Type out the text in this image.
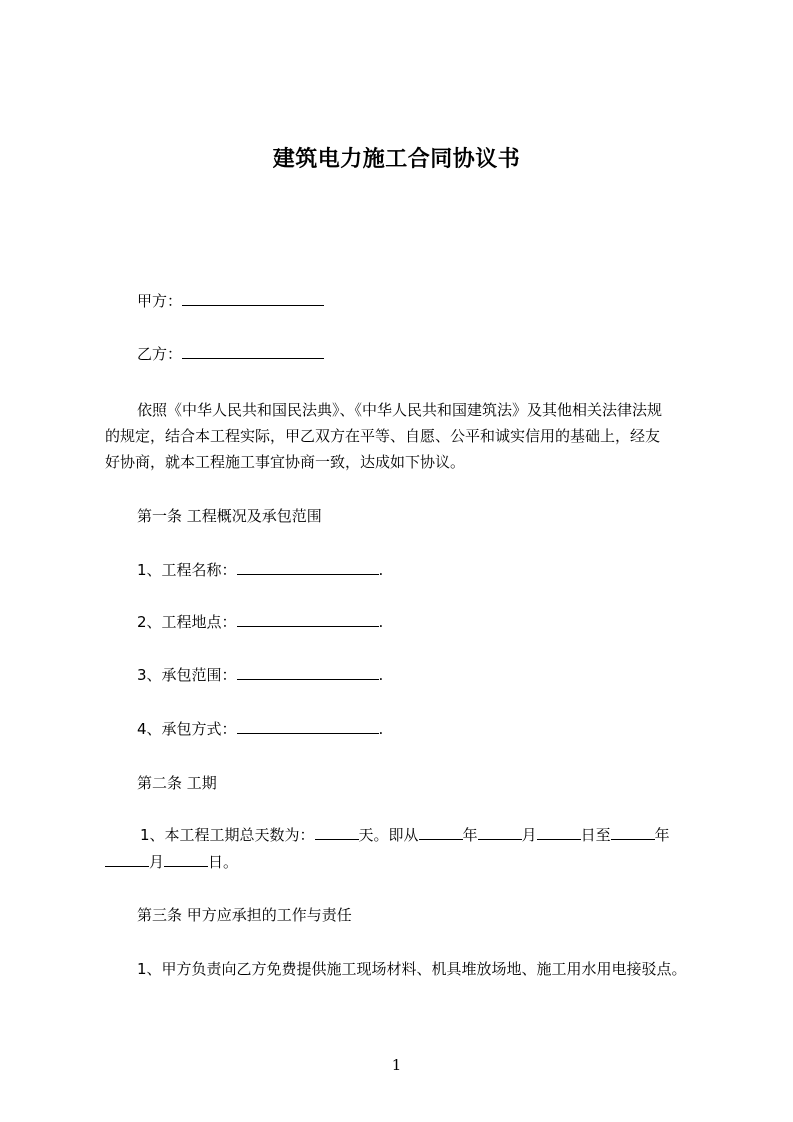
建筑电力施工合同协议书
甲方：
乙方：
依照《中华人民共和国民法典》、《中华人民共和国建筑法》及其他相关法律法规
的规定，结合本工程实际，甲乙双方在平等、自愿、公平和诚实信用的基础上，经友
好协商，就本工程施工事宜协商一致，达成如下协议。
第一条 工程概况及承包范围
1、工程名称：	.
2、工程地点：	.
3、承包范围：	.
4、承包方式：	.
第二条 工期
1、本工程工期总天数为：	天。即从	年	月	日至	年
月	日。
第三条 甲方应承担的工作与责任
1、甲方负责向乙方免费提供施工现场材料、机具堆放场地、施工用水用电接驳点。
1
